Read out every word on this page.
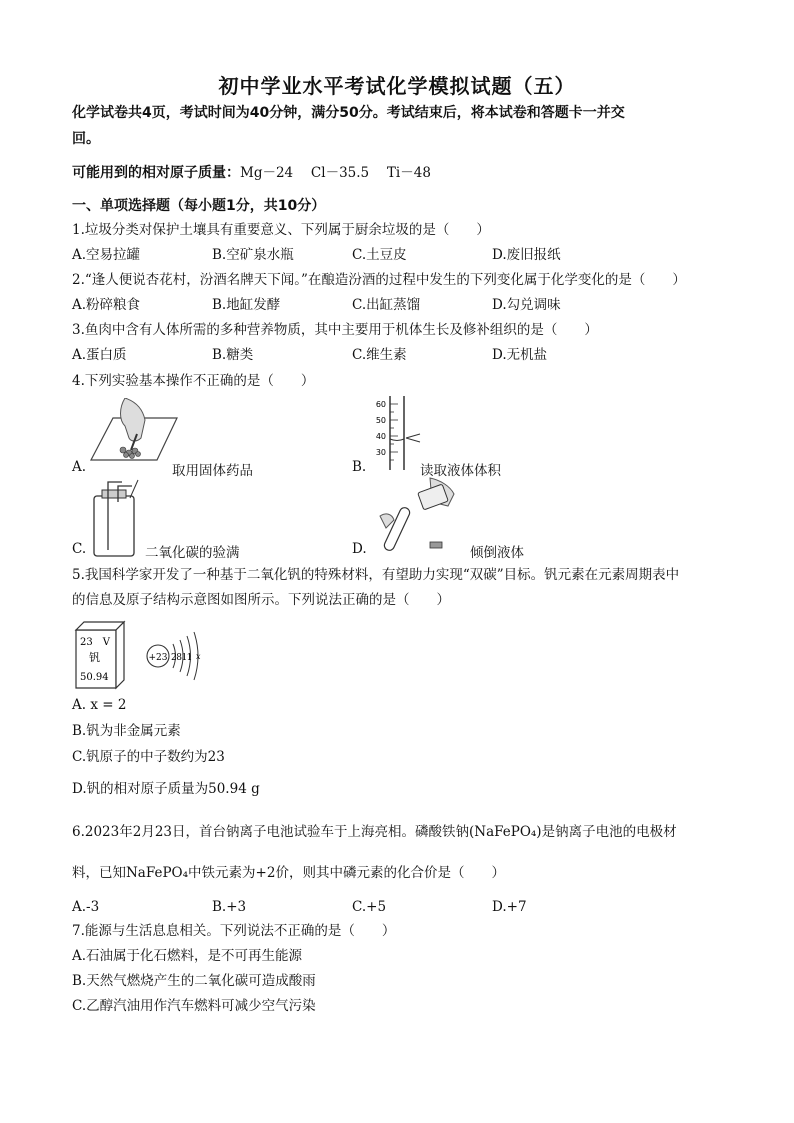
初中学业水平考试化学模拟试题（五）
化学试卷共4页，考试时间为40分钟，满分50分。考试结束后，将本试卷和答题卡一并交
回。
可能用到的相对原子质量：Mg－24　 Cl－35.5　 Ti－48
一、单项选择题（每小题1分，共10分）
1.垃圾分类对保护土壤具有重要意义、下列属于厨余垃圾的是（　　）
A.空易拉罐	B.空矿泉水瓶	C.土豆皮	D.废旧报纸
2.“逢人便说杏花村，汾酒名牌天下闻。”在酿造汾酒的过程中发生的下列变化属于化学变化的是（　　）
A.粉碎粮食	B.地缸发酵	C.出缸蒸馏	D.勾兑调味
3.鱼肉中含有人体所需的多种营养物质，其中主要用于机体生长及修补组织的是（　　）
A.蛋白质	B.糖类	C.维生素	D.无机盐
4.下列实验基本操作不正确的是（　　）
A.	取用固体药品
60
50
40
30
B.	读取液体体积
C.	二氧化碳的验满	D.	倾倒液体
5.我国科学家开发了一种基于二氧化钒的特殊材料，有望助力实现“双碳”目标。钒元素在元素周期表中
的信息及原子结构示意图如图所示。下列说法正确的是（　　）
23 V
钒
50.94
+23 2811 x
A. x = 2
B.钒为非金属元素
C.钒原子的中子数约为23
D.钒的相对原子质量为50.94 g
6.2023年2月23日，首台钠离子电池试验车于上海亮相。磷酸铁钠(NaFePO₄)是钠离子电池的电极材
料，已知NaFePO₄中铁元素为+2价，则其中磷元素的化合价是（　　）
A.-3	B.+3	C.+5	D.+7
7.能源与生活息息相关。下列说法不正确的是（　　）
A.石油属于化石燃料，是不可再生能源
B.天然气燃烧产生的二氧化碳可造成酸雨
C.乙醇汽油用作汽车燃料可减少空气污染
